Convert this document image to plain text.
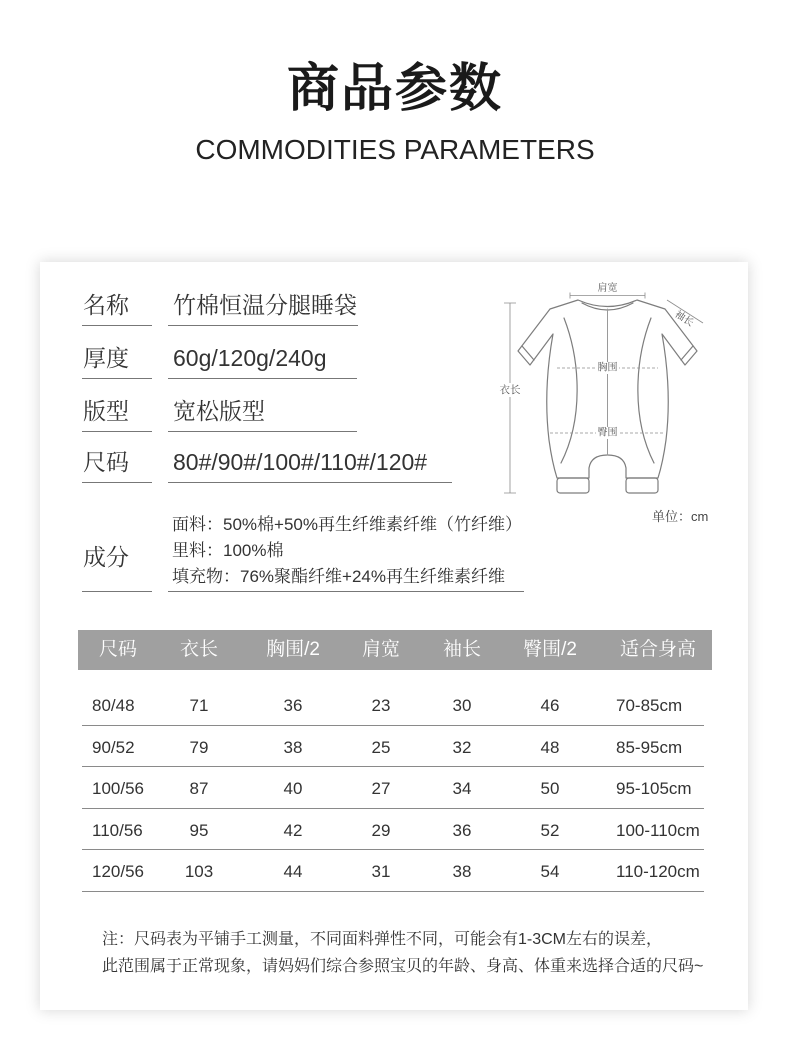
商品参数
COMMODITIES PARAMETERS
名称	竹棉恒温分腿睡袋
厚度	60g/120g/240g
版型	宽松版型
尺码	80#/90#/100#/110#/120#
成分
面料：50%棉+50%再生纤维素纤维（竹纤维）
里料：100%棉
填充物：76%聚酯纤维+24%再生纤维素纤维
肩宽
袖长
胸围
臀围
衣长
单位：cm
尺码	衣长	胸围/2	肩宽	袖长	臀围/2	适合身高
80/48	71	36	23	30	46	70-85cm
90/52	79	38	25	32	48	85-95cm
100/56	87	40	27	34	50	95-105cm
110/56	95	42	29	36	52	100-110cm
120/56	103	44	31	38	54	110-120cm
注：尺码表为平铺手工测量，不同面料弹性不同，可能会有1-3CM左右的误差，
此范围属于正常现象，请妈妈们综合参照宝贝的年龄、身高、体重来选择合适的尺码~
